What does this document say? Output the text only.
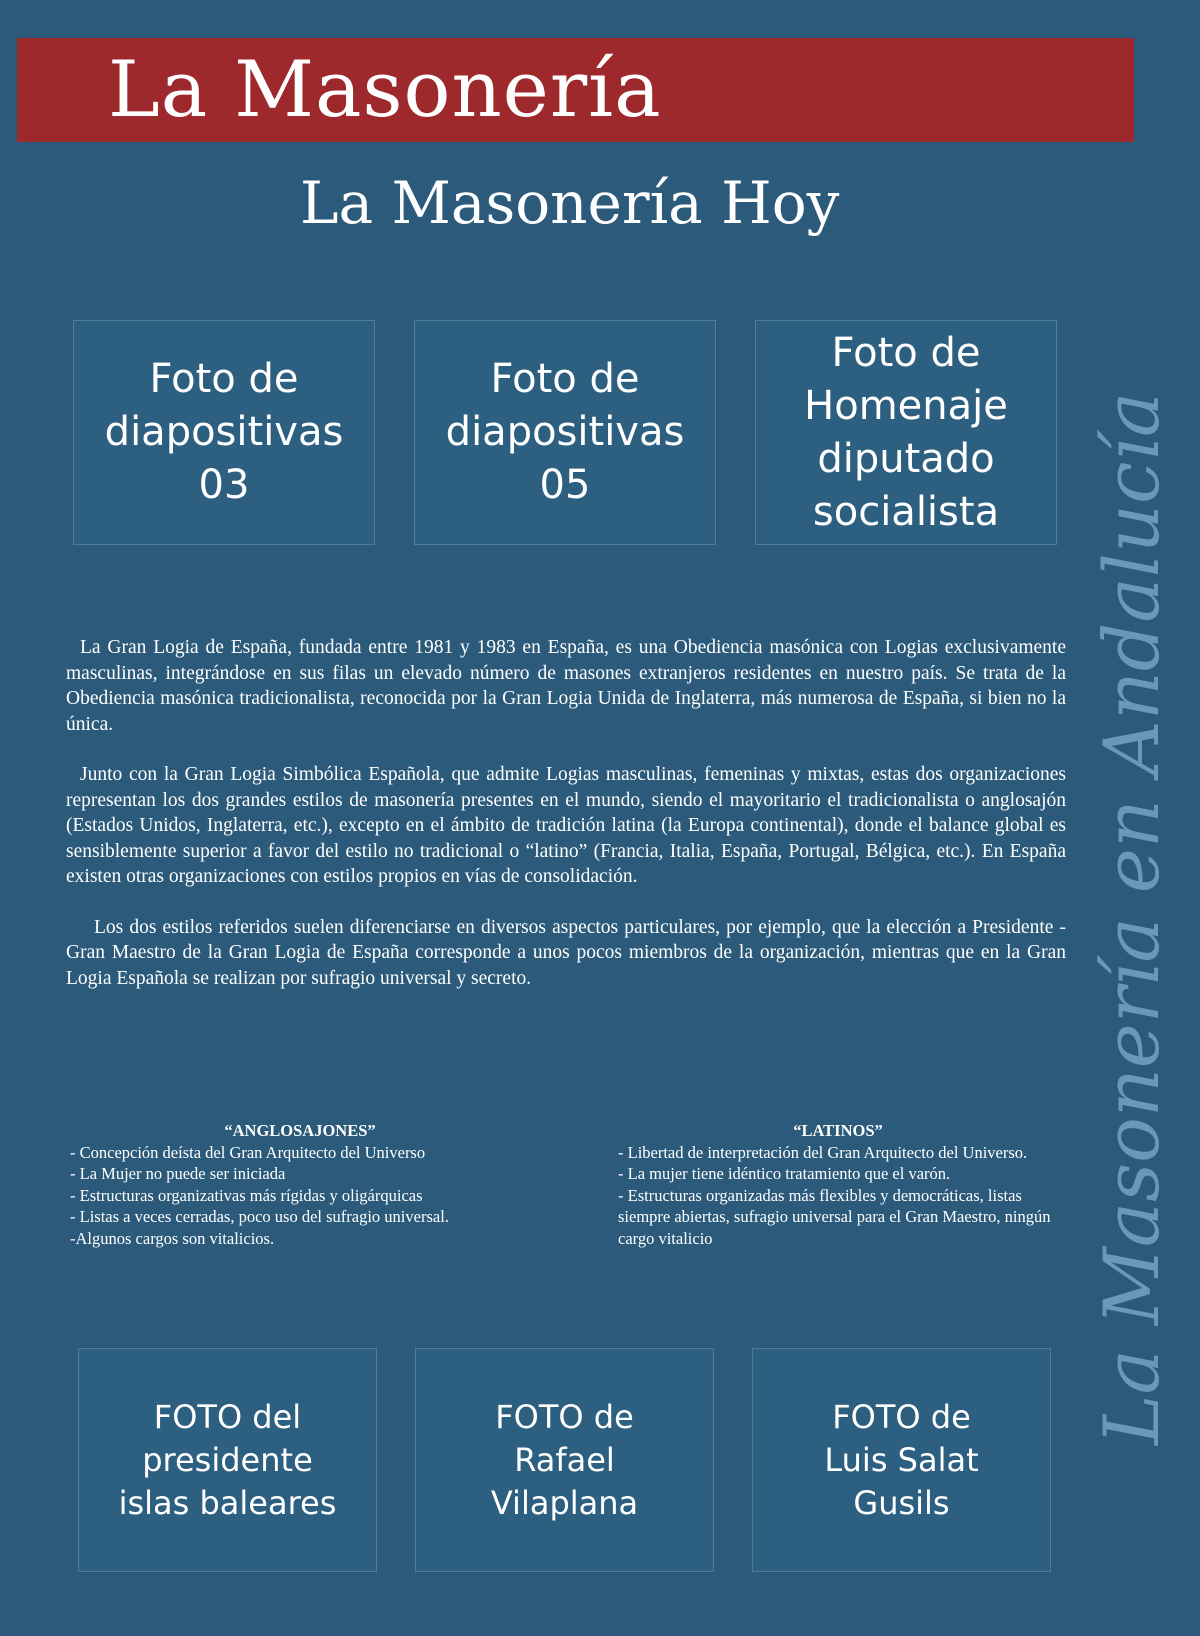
La Masonería
La Masonería Hoy
La Masonería en Andalucía
Foto de
diapositivas
03
Foto de
diapositivas
05
Foto de
Homenaje
diputado
socialista

La Gran Logia de España, fundada entre 1981 y 1983 en España, es una Obediencia masónica con Logias exclusivamente masculinas, integrándose en sus filas un elevado número de masones extranjeros residentes en nuestro país. Se trata de la Obediencia masónica tradicionalista, reconocida por la Gran Logia Unida de Inglaterra, más numerosa de España, si bien no la única.

Junto con la Gran Logia Simbólica Española, que admite Logias masculinas, femeninas y mixtas, estas dos organizaciones representan los dos grandes estilos de masonería presentes en el mundo, siendo el mayoritario el tradicionalista o anglosajón (Estados Unidos, Inglaterra, etc.), excepto en el ámbito de tradición latina (la Europa continental), donde el balance global es sensiblemente superior a favor del estilo no tradicional o “latino” (Francia, Italia, España, Portugal, Bélgica, etc.). En España existen otras organizaciones con estilos propios en vías de consolidación.

Los dos estilos referidos suelen diferenciarse en diversos aspectos particulares, por ejemplo, que la elección a Presidente - Gran Maestro de la Gran Logia de España corresponde a unos pocos miembros de la organización, mientras que en la Gran Logia Española se realizan por sufragio universal y secreto.

“ANGLOSAJONES”
- Concepción deísta del Gran Arquitecto del Universo
- La Mujer no puede ser iniciada
- Estructuras organizativas más rígidas y oligárquicas
- Listas a veces cerradas, poco uso del sufragio universal.
-Algunos cargos son vitalicios.
“LATINOS”
- Libertad de interpretación del Gran Arquitecto del Universo.
- La mujer tiene idéntico tratamiento que el varón.
- Estructuras organizadas más flexibles y democráticas, listas siempre abiertas, sufragio universal para el Gran Maestro, ningún cargo vitalicio
FOTO del
presidente
islas baleares
FOTO de
Rafael
Vilaplana
FOTO de
Luis Salat
Gusils
